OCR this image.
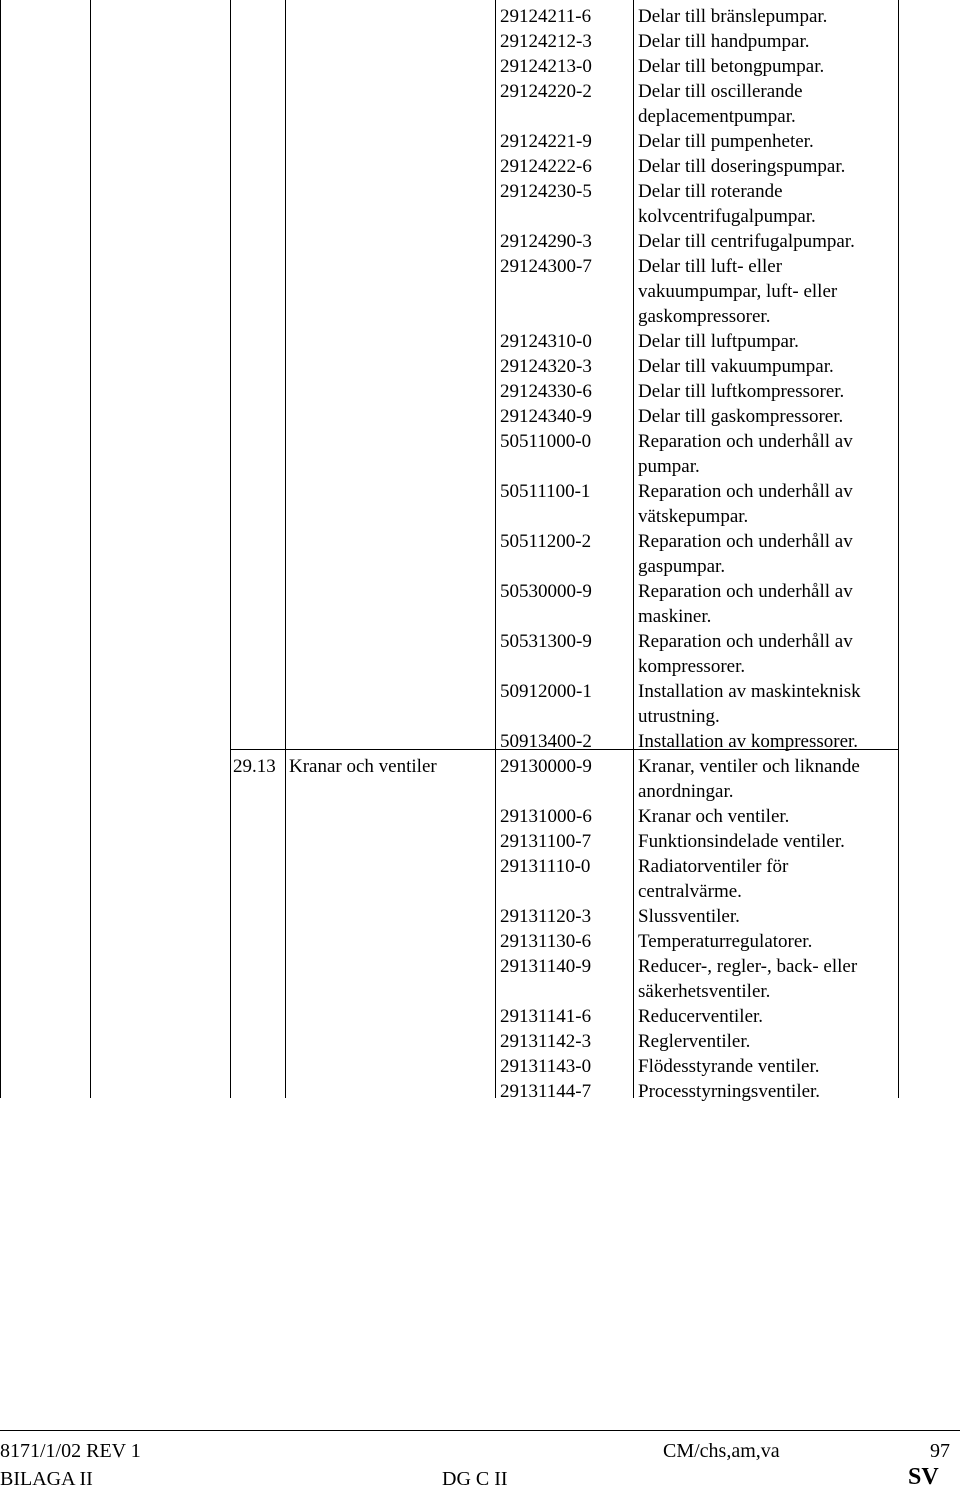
29124211-6 Delar till bränslepumpar.
29124212-3 Delar till handpumpar.
29124213-0 Delar till betongpumpar.
29124220-2 Delar till oscillerande
deplacementpumpar.
29124221-9 Delar till pumpenheter.
29124222-6 Delar till doseringspumpar.
29124230-5 Delar till roterande
kolvcentrifugalpumpar.
29124290-3 Delar till centrifugalpumpar.
29124300-7 Delar till luft- eller
vakuumpumpar, luft- eller
gaskompressorer.
29124310-0 Delar till luftpumpar.
29124320-3 Delar till vakuumpumpar.
29124330-6 Delar till luftkompressorer.
29124340-9 Delar till gaskompressorer.
50511000-0 Reparation och underhåll av
pumpar.
50511100-1	Reparation och underhåll av
vätskepumpar.
50511200-2 Reparation och underhåll av
gaspumpar.
50530000-9 Reparation och underhåll av
maskiner.
50531300-9 Reparation och underhåll av
kompressorer.
50912000-1 Installation av maskinteknisk
utrustning.
50913400-2 Installation av kompressorer.
29.13 Kranar och ventiler	29130000-9 Kranar, ventiler och liknande
anordningar.
29131000-6 Kranar och ventiler.
29131100-7 Funktionsindelade ventiler.
29131110-0	Radiatorventiler för
centralvärme.
29131120-3 Slussventiler.
29131130-6 Temperaturregulatorer.
29131140-9 Reducer-, regler-, back- eller
säkerhetsventiler.
29131141-6 Reducerventiler.
29131142-3 Reglerventiler.
29131143-0 Flödesstyrande ventiler.
29131144-7 Processtyrningsventiler.
8171/1/02 REV 1	CM/chs,am,va	97
BILAGA II	DG C II	SV
